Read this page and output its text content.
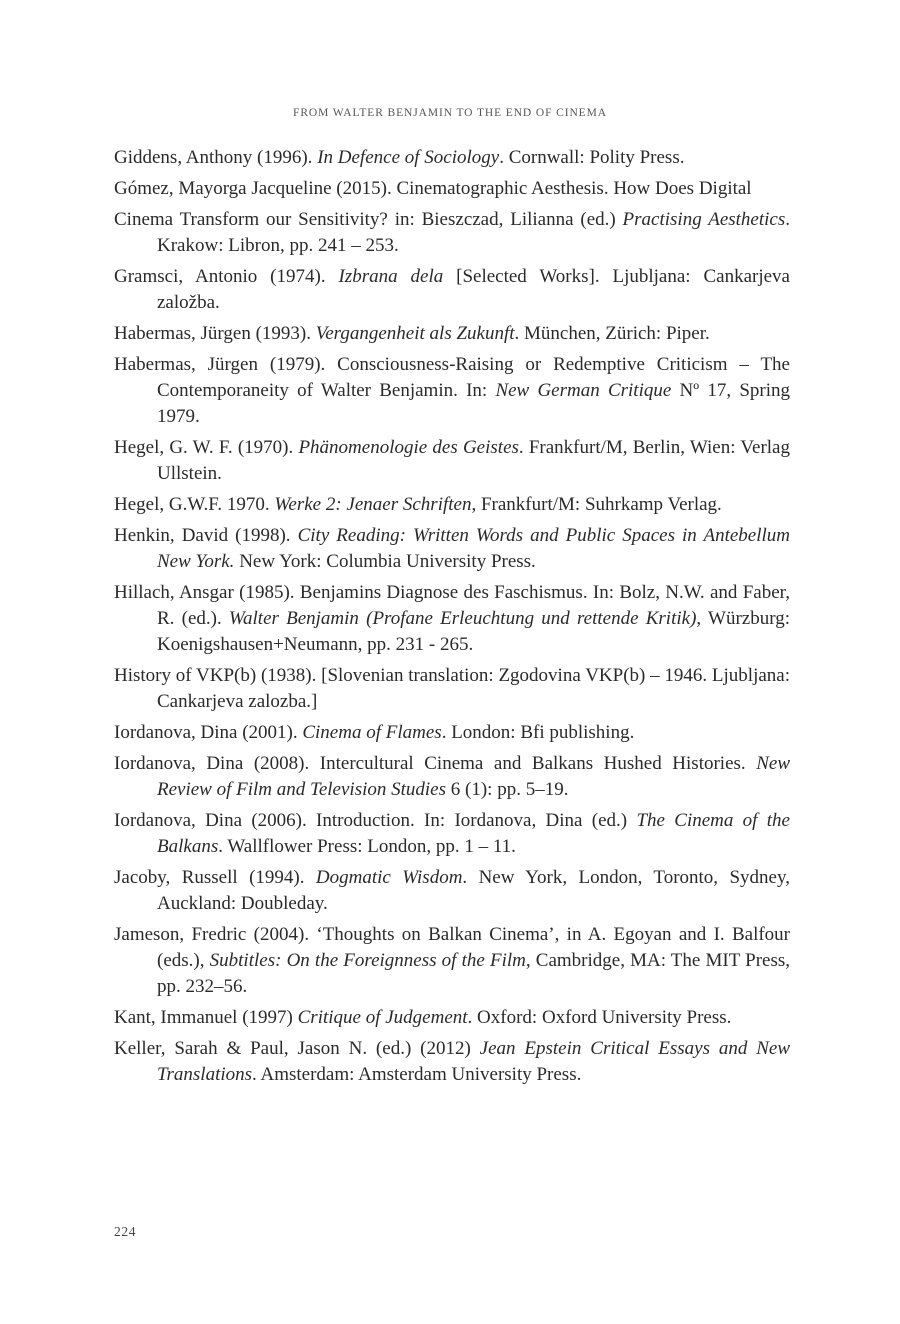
FROM WALTER BENJAMIN TO THE END OF CINEMA

Giddens, Anthony (1996). In Defence of Sociology. Cornwall: Polity Press.

Gómez, Mayorga Jacqueline (2015). Cinematographic Aesthesis. How Does Digital

Cinema Transform our Sensitivity? in: Bieszczad, Lilianna (ed.) Practising Aesthetics. Krakow: Libron, pp. 241 – 253.

Gramsci, Antonio (1974). Izbrana dela [Selected Works]. Ljubljana: Cankarjeva založba.

Habermas, Jürgen (1993). Vergangenheit als Zukunft. München, Zürich: Piper.

Habermas, Jürgen (1979). Consciousness-Raising or Redemptive Criticism – The Contemporaneity of Walter Benjamin. In: New German Critique Nº 17, Spring 1979.

Hegel, G. W. F. (1970). Phänomenologie des Geistes. Frankfurt/M, Berlin, Wien: Verlag Ullstein.

Hegel, G.W.F. 1970. Werke 2: Jenaer Schriften, Frankfurt/M: Suhrkamp Verlag.

Henkin, David (1998). City Reading: Written Words and Public Spaces in Antebellum New York. New York: Columbia University Press.

Hillach, Ansgar (1985). Benjamins Diagnose des Faschismus. In: Bolz, N.W. and Faber, R. (ed.). Walter Benjamin (Profane Erleuchtung und rettende Kritik), Würzburg: Koenigshausen+Neumann, pp. 231 - 265.

History of VKP(b) (1938). [Slovenian translation: Zgodovina VKP(b) – 1946. Ljubljana: Cankarjeva zalozba.]

Iordanova, Dina (2001). Cinema of Flames. London: Bfi publishing.

Iordanova, Dina (2008). Intercultural Cinema and Balkans Hushed Histories. New Review of Film and Television Studies 6 (1): pp. 5–19.

Iordanova, Dina (2006). Introduction. In: Iordanova, Dina (ed.) The Cinema of the Balkans. Wallflower Press: London, pp. 1 – 11.

Jacoby, Russell (1994). Dogmatic Wisdom. New York, London, Toronto, Sydney, Auckland: Doubleday.

Jameson, Fredric (2004). ‘Thoughts on Balkan Cinema’, in A. Egoyan and I. Balfour (eds.), Subtitles: On the Foreignness of the Film, Cambridge, MA: The MIT Press, pp. 232–56.

Kant, Immanuel (1997) Critique of Judgement. Oxford: Oxford University Press.

Keller, Sarah & Paul, Jason N. (ed.) (2012) Jean Epstein Critical Essays and New Translations. Amsterdam: Amsterdam University Press.

224
